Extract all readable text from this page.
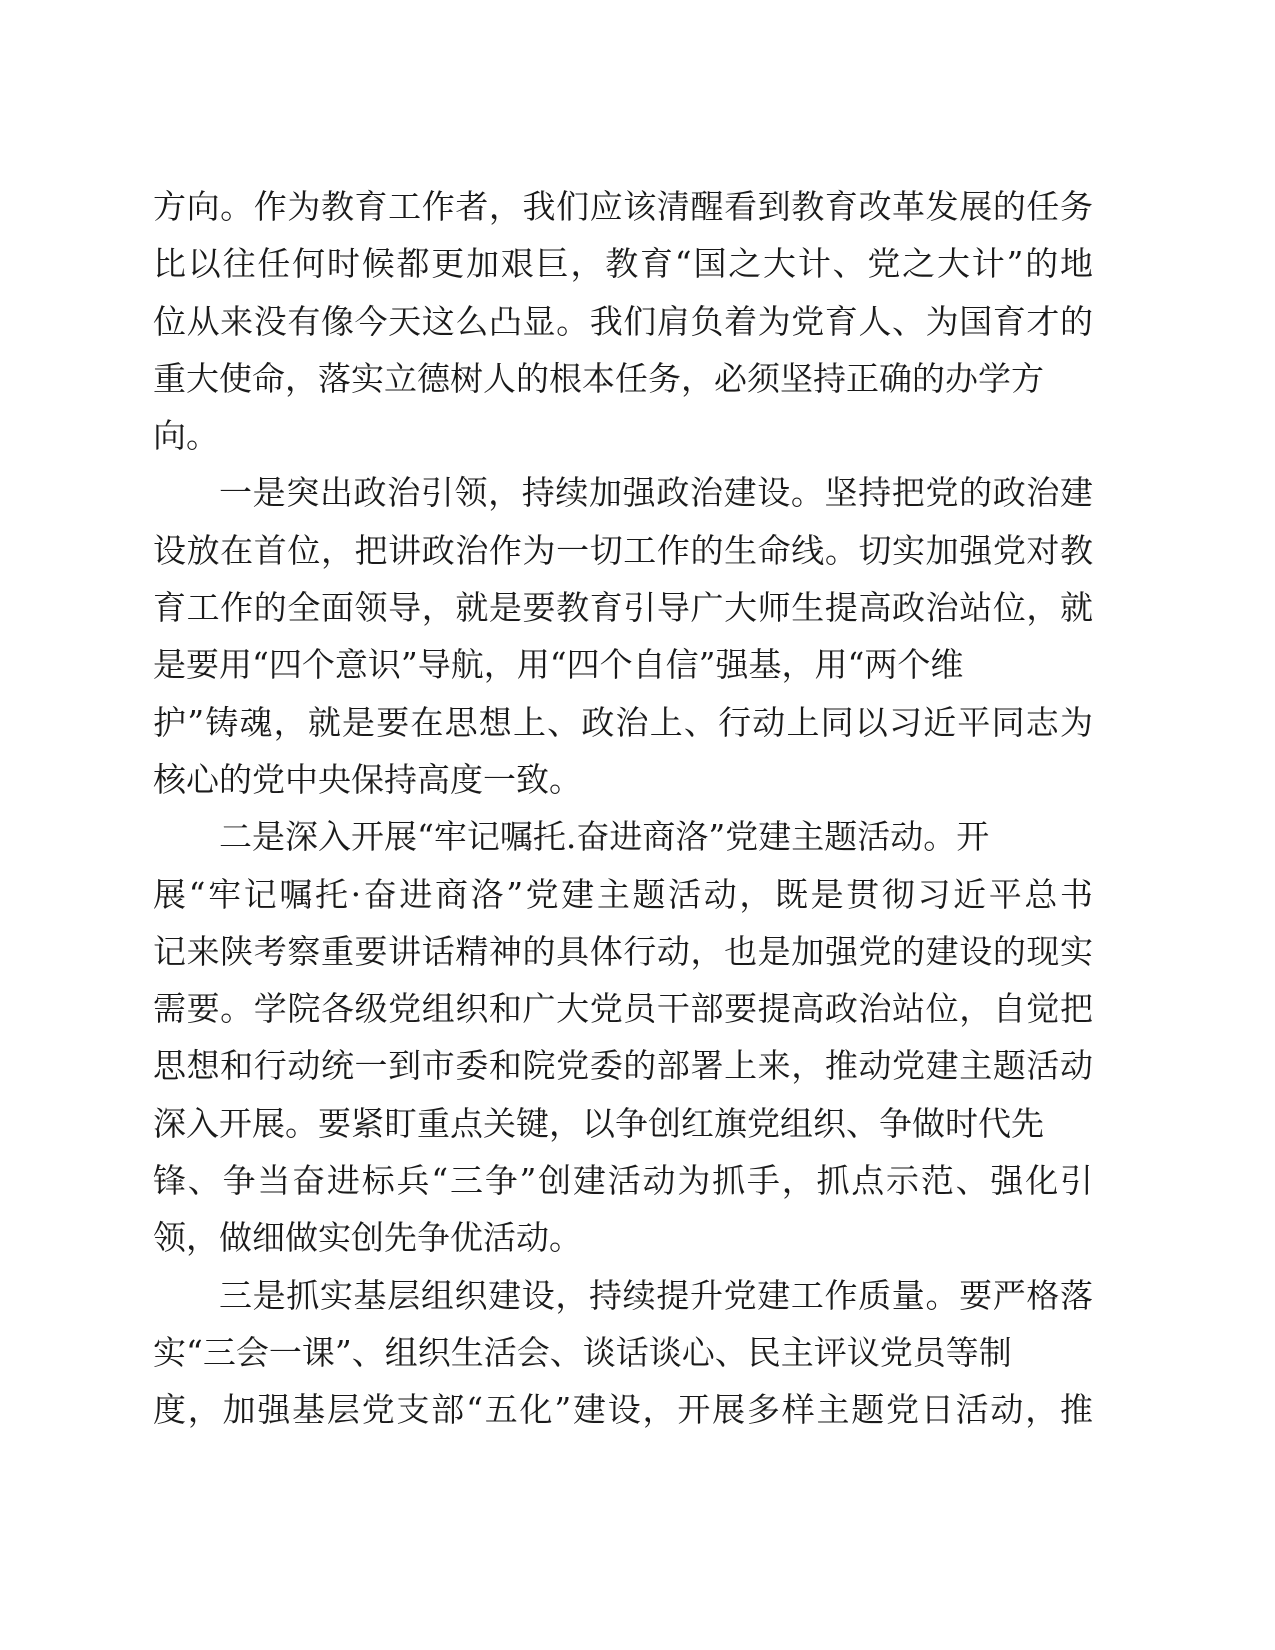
方向。作为教育工作者，我们应该清醒看到教育改革发展的任务
比以往任何时候都更加艰巨，教育“国之大计、党之大计”的地
位从来没有像今天这么凸显。我们肩负着为党育人、为国育才的
重大使命，落实立德树人的根本任务，必须坚持正确的办学方
向。
一是突出政治引领，持续加强政治建设。坚持把党的政治建
设放在首位，把讲政治作为一切工作的生命线。切实加强党对教
育工作的全面领导，就是要教育引导广大师生提高政治站位，就
是要用“四个意识”导航，用“四个自信”强基，用“两个维
护”铸魂，就是要在思想上、政治上、行动上同以习近平同志为
核心的党中央保持高度一致。
二是深入开展“牢记嘱托.奋进商洛”党建主题活动。开
展“牢记嘱托·奋进商洛”党建主题活动，既是贯彻习近平总书
记来陕考察重要讲话精神的具体行动，也是加强党的建设的现实
需要。学院各级党组织和广大党员干部要提高政治站位，自觉把
思想和行动统一到市委和院党委的部署上来，推动党建主题活动
深入开展。要紧盯重点关键，以争创红旗党组织、争做时代先
锋、争当奋进标兵“三争”创建活动为抓手，抓点示范、强化引
领，做细做实创先争优活动。
三是抓实基层组织建设，持续提升党建工作质量。要严格落
实“三会一课”、组织生活会、谈话谈心、民主评议党员等制
度，加强基层党支部“五化”建设，开展多样主题党日活动，推
